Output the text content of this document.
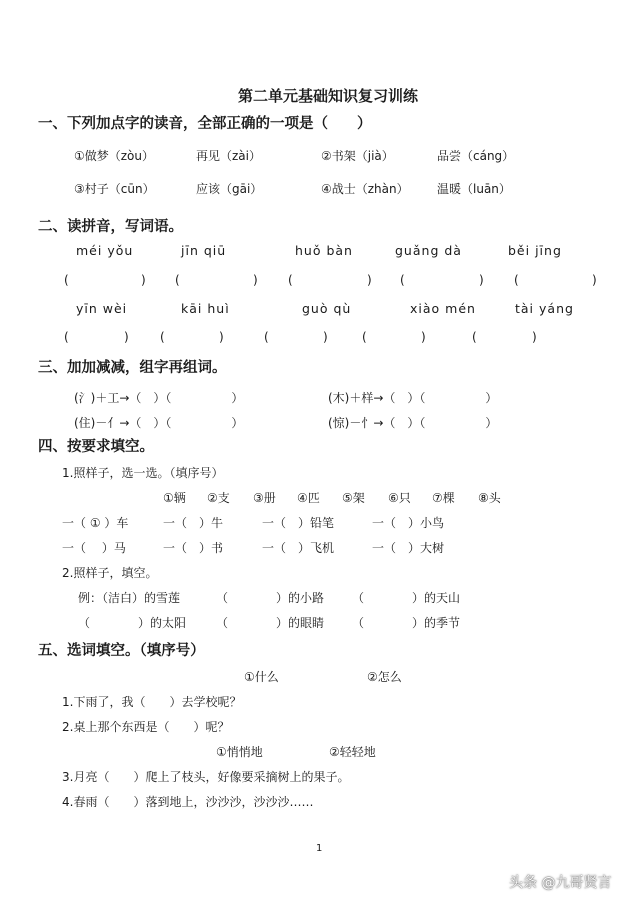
第二单元基础知识复习训练
一、下列加点字的读音，全部正确的一项是（　　）
①做梦（zòu）	再见（zài）	②书架（jià）	品尝（cáng）
③村子（cūn）	应该（gāi）	④战士（zhàn） 温暖（luān）
二、读拼音，写词语。
méi yǒu	jīn qiū	huǒ bàn	guǎng dà	běi jīng
(	) (	)	(	) (	)	(	)
yīn wèi	kāi huì	guò qù	xiào mén	tài yáng
(	)	(	)	(	)	(	)	(	)
三、加加减减，组字再组词。
(氵)＋工→（　）（　　　　　）	(木)＋样→（　）（　　　　　）
(住)－亻→（　）（　　　　　）	(惊)－忄→（　）（　　　　　）
四、按要求填空。
1.照样子，选一选。（填序号）
①辆 ②支 ③册 ④匹 ⑤架 ⑥只 ⑦棵 ⑧头
一（ ① ）车	一（　）牛	一（　）铅笔	一（　）小鸟
一（　 ）马	一（　）书	一（　）飞机	一（　）大树
2.照样子，填空。
例：（洁白）的雪莲	（　　　　）的小路 （　　　　）的天山
（　　　　）的太阳 （　　　　）的眼睛 （　　　　）的季节
五、选词填空。（填序号）
①什么	②怎么
1.下雨了，我（　　）去学校呢？
2.桌上那个东西是（　　）呢？
①悄悄地	②轻轻地
3.月亮（　　）爬上了枝头，好像要采摘树上的果子。
4.春雨（　　）落到地上，沙沙沙，沙沙沙……
1
头条 @九哥贤言
